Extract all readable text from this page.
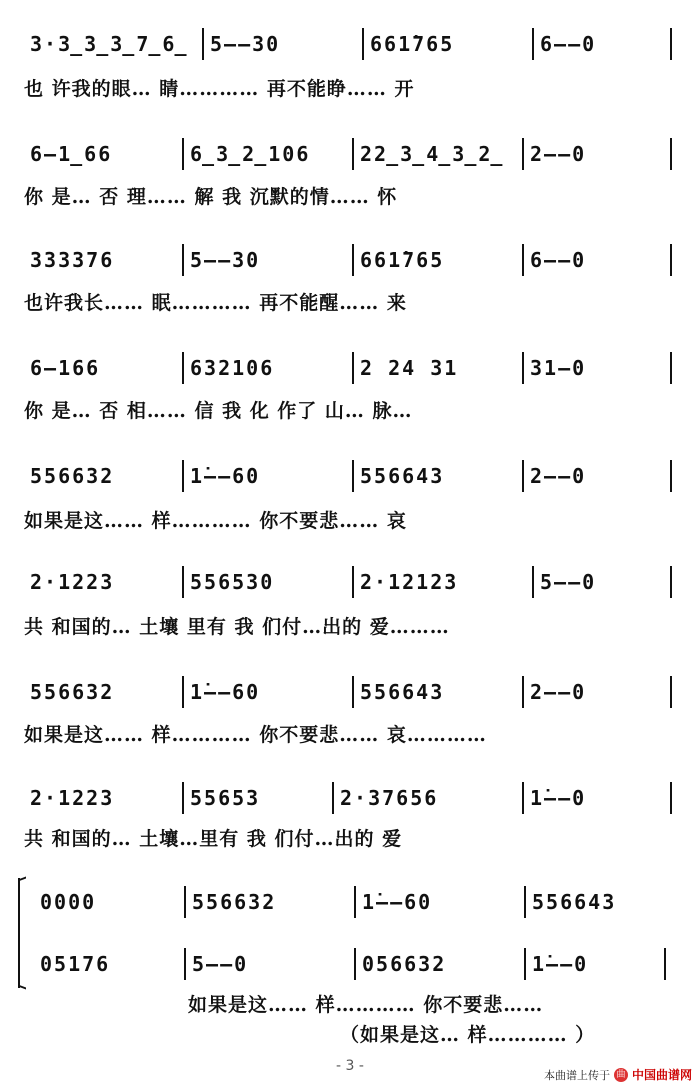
3·3̲3̲3̲7̲6̲ 5——30	661̇765	6——0
也 许我的眼… 睛………… 再不能睁…… 开
6—1̲66	6̲3̲2̲106 22̲3̲4̲3̲2̲ 2——0
你 是… 否 理…… 解 我 沉默的情…… 怀
333376	5——30	661̇765	6——0
也许我长…… 眠………… 再不能醒…… 来
6—166	632106	2 24 31	31—0
你 是… 否 相…… 信 我 化 作了 山… 脉…
556632	1̇——60	556643	2——0
如果是这…… 样………… 你不要悲…… 哀
2·1223	556530	2·12123	5——0
共 和国的… 土壤 里有 我 们付…出的 爱………
556632	1̇——60	556643	2——0
如果是这…… 样………… 你不要悲…… 哀…………
2·1223	55653	2·37656	1̇——0
共 和国的… 土壤…里有 我 们付…出的 爱
0000	556632	1̇——60	556643
05176	5——0	056632	1̇——0
如果是这…… 样………… 你不要悲……
（如果是这… 样………… ）
- 3 -
本曲谱上传于 曲 中国曲谱网
